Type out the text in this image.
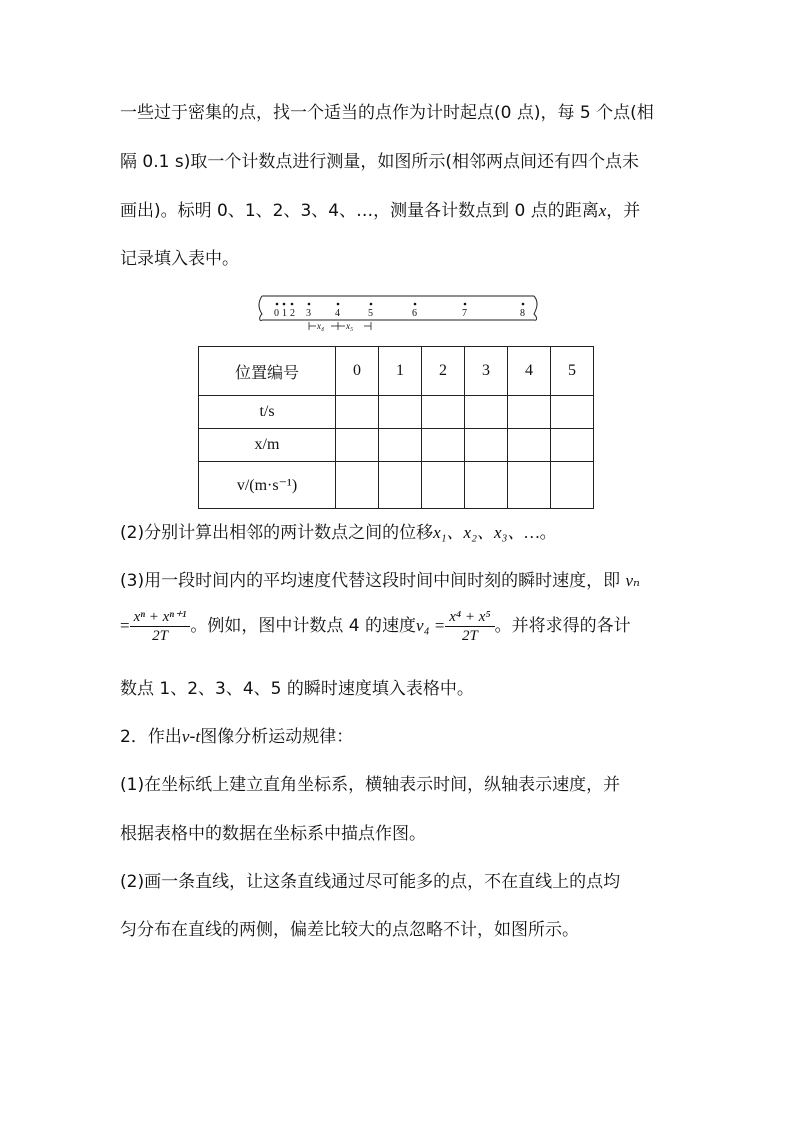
一些过于密集的点，找一个适当的点作为计时起点(0 点)，每 5 个点(相
隔 0.1 s)取一个计数点进行测量，如图所示(相邻两点间还有四个点未
画出)。标明 0、1、2、3、4、…，测量各计数点到 0 点的距离x，并
记录填入表中。
0 1 2 3 4	5	6	7	8
x₄ x₅
位置编号	0	1	2	3	4	5
t/s						
x/m						
v/(m·s⁻¹)						
(2)分别计算出相邻的两计数点之间的位移x₁、x₂、x₃、…。
(3)用一段时间内的平均速度代替这段时间中间时刻的瞬时速度，即 vₙ
= $\frac{\text{xⁿ + xⁿ⁺¹}}{2T}$ 。例如，图中计数点 4 的速度$v_4 = \frac{\text{x⁴ + x⁵}}{2T}$ 。并将求得的各计
数点 1、2、3、4、5 的瞬时速度填入表格中。
2．作出v-t图像分析运动规律：
(1)在坐标纸上建立直角坐标系，横轴表示时间，纵轴表示速度，并
根据表格中的数据在坐标系中描点作图。
(2)画一条直线，让这条直线通过尽可能多的点，不在直线上的点均
匀分布在直线的两侧，偏差比较大的点忽略不计，如图所示。
